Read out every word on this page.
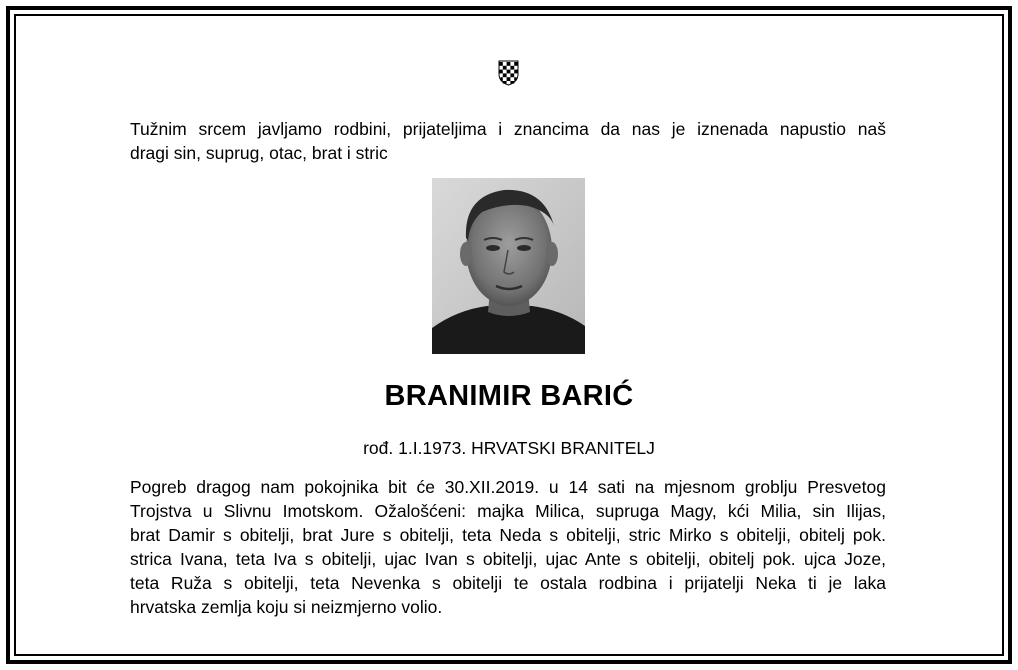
Tužnim srcem javljamo rodbini, prijateljima i znancima da nas je iznenada napustio naš
dragi sin, suprug, otac, brat i stric

BRANIMIR BARIĆ

rođ. 1.I.1973. HRVATSKI BRANITELJ

Pogreb dragog nam pokojnika bit će 30.XII.2019. u 14 sati na mjesnom groblju Presvetog
Trojstva u Slivnu Imotskom. Ožalošćeni: majka Milica, supruga Magy, kći Milia, sin Ilijas,
brat Damir s obitelji, brat Jure s obitelji, teta Neda s obitelji, stric Mirko s obitelji, obitelj pok.
strica Ivana, teta Iva s obitelji, ujac Ivan s obitelji, ujac Ante s obitelji, obitelj pok. ujca Joze,
teta Ruža s obitelji, teta Nevenka s obitelji te ostala rodbina i prijatelji Neka ti je laka
hrvatska zemlja koju si neizmjerno volio.
